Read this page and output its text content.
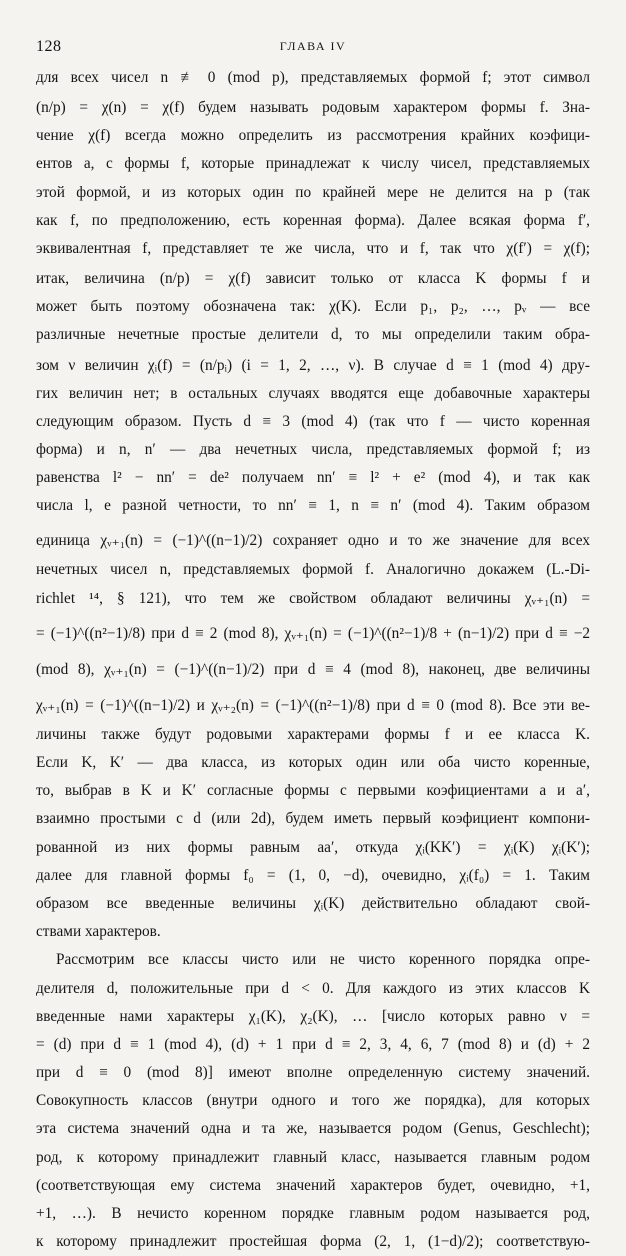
128	ГЛАВА IV
для всех чисел n ≢ 0 (mod p), представляемых формой f; этот символ
(n/p) = χ(n) = χ(f) будем называть родовым характером формы f. Зна-
чение χ(f) всегда можно определить из рассмотрения крайних коэфици-
ентов a, c формы f, которые принадлежат к числу чисел, представляемых
этой формой, и из которых один по крайней мере не делится на p (так
как f, по предположению, есть коренная форма). Далее всякая форма f′,
эквивалентная f, представляет те же числа, что и f, так что χ(f′) = χ(f);
итак, величина (n/p) = χ(f) зависит только от класса K формы f и
может быть поэтому обозначена так: χ(K). Если p₁, p₂, …, pᵥ — все
различные нечетные простые делители d, то мы определили таким обра-
зом ν величин χᵢ(f) = (n/pᵢ) (i = 1, 2, …, ν). В случае d ≡ 1 (mod 4) дру-
гих величин нет; в остальных случаях вводятся еще добавочные характеры
следующим образом. Пусть d ≡ 3 (mod 4) (так что f — чисто коренная
форма) и n, n′ — два нечетных числа, представляемых формой f; из
равенства l² − nn′ = de² получаем nn′ ≡ l² + e² (mod 4), и так как
числа l, e разной четности, то nn′ ≡ 1, n ≡ n′ (mod 4). Таким образом
единица χᵥ₊₁(n) = (−1)^((n−1)/2) сохраняет одно и то же значение для всех
нечетных чисел n, представляемых формой f. Аналогично докажем (L.-Di-
richlet ¹⁴, § 121), что тем же свойством обладают величины χᵥ₊₁(n) =
= (−1)^((n²−1)/8) при d ≡ 2 (mod 8), χᵥ₊₁(n) = (−1)^((n²−1)/8 + (n−1)/2) при d ≡ −2
(mod 8), χᵥ₊₁(n) = (−1)^((n−1)/2) при d ≡ 4 (mod 8), наконец, две величины
χᵥ₊₁(n) = (−1)^((n−1)/2) и χᵥ₊₂(n) = (−1)^((n²−1)/8) при d ≡ 0 (mod 8). Все эти ве-
личины также будут родовыми характерами формы f и ее класса K.
Если K, K′ — два класса, из которых один или оба чисто коренные,
то, выбрав в K и K′ согласные формы с первыми коэфициентами a и a′,
взаимно простыми с d (или 2d), будем иметь первый коэфициент компони-
рованной из них формы равным aa′, откуда χᵢ(KK′) = χᵢ(K) χᵢ(K′);
далее для главной формы f₀ = (1, 0, −d), очевидно, χᵢ(f₀) = 1. Таким
образом все введенные величины χᵢ(K) действительно обладают свой-
ствами характеров.
Рассмотрим все классы чисто или не чисто коренного порядка опре-
делителя d, положительные при d < 0. Для каждого из этих классов K
введенные нами характеры χ₁(K), χ₂(K), … [число которых равно ν =
= (d) при d ≡ 1 (mod 4), (d) + 1 при d ≡ 2, 3, 4, 6, 7 (mod 8) и (d) + 2
при d ≡ 0 (mod 8)] имеют вполне определенную систему значений.
Совокупность классов (внутри одного и того же порядка), для которых
эта система значений одна и та же, называется родом (Genus, Geschlecht);
род, к которому принадлежит главный класс, называется главным родом
(соответствующая ему система значений характеров будет, очевидно, +1,
+1, …). В нечисто коренном порядке главным родом называется род,
к которому принадлежит простейшая форма (2, 1, (1−d)/2); соответствую-
